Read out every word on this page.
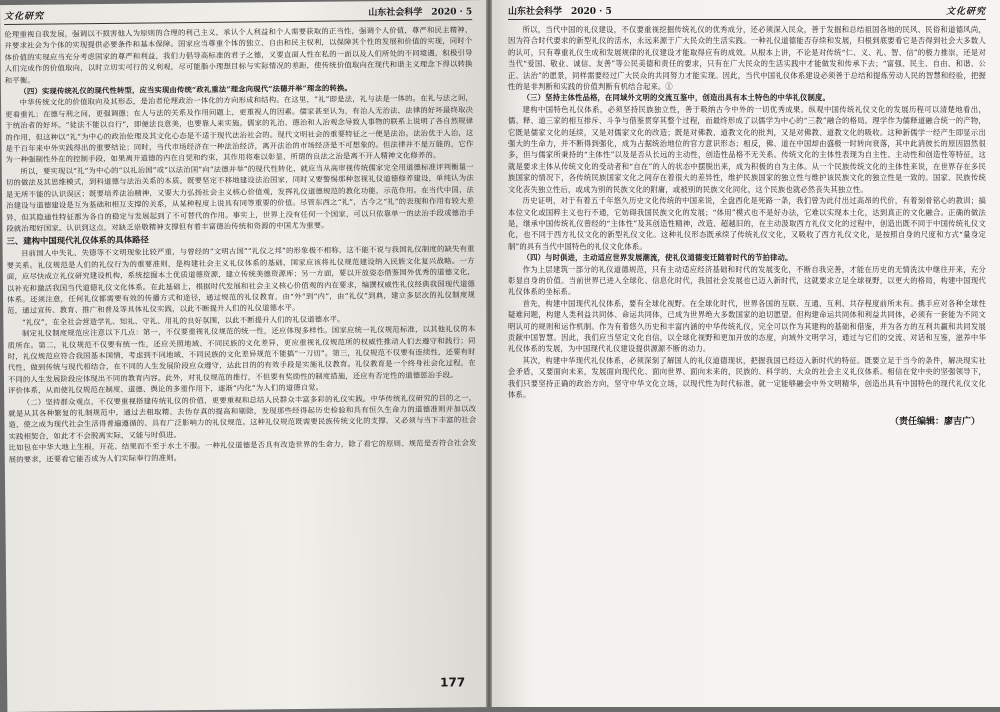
文化研究	山东社会科学　2020 · 5

伦理重视自我发展，强调以不损害他人为原则的合理的利己主义，承认个人利益和个人需要获取的正当性，强调个人价值，尊严和民主精神，并要求社会为个体的实现提供必要条件和基本保障。国家应当尊重个体的独立、自由和民主权利，以保障其个性的发展和价值的实现，同时个体价值的实现应当充分考虑国家的尊严和利益，我们力倡导高标准的君子之德，又要直面人性在私的一面以及人们所处的不同境遇，积极引导人们完成作的价值取向，以时立切实可行的义利观，尽可能脂小理想目标与实际情况的差距，使传统价值取向在现代和谐主义理念下得以转换和平衡。

（四）实现传统礼仪的现代性转型，应当实现由传统“政礼重法”理念向现代“法德并举”理念的转换。

中华传统文化的价值取向及其形态，是治者伦理政治一体化的方向形成和结构。在这里，“礼”即是法，礼与法是一体的。在礼与法之间，更看重礼；在德与刑之间，更强调德；在人与法的关系及作用问题上，更重视人的因素。儒家甚至认为，有治人无治法，法律的好坏最终取决于统治者的好坏。“徒法不能以自行”，即便法良意美，也要靠人来实施。儒家的礼治、德治和人治观念导致人事物的联系上说明了各自然规律的作用，但这种以“礼”为中心的政治伦理及其文化心态是不适于现代法治社会的。现代文明社会的重要特征之一便是法治。法治优于人治，这是千百年来中外实践得出的重要结论；同时，当代市场经济在一种法治经济，离开法治的市场经济是不可想象的。但法律并不是万能的，它作为一种强制性外在的控制手段，如果离开道德的内在自觉和约束，其作用将难以彰显，所谓的良法之治是离不开人精神文化修养的。

所以，要实现以“礼”为中心的“以礼治国”或“以法治国”向“法德并举”的现代性转化，就应当从高审视传统儒家完全用道德标准评判衡量一切的做法及其思维模式，到科道德与法治关系的本质。既要坚定不移地建设法治国家，同时又要警惕那种忽视礼仪道德修养建设，单纯认为法是无所不能的认识误区；既要培养法治精神，又要大力弘扬社会主义核心价值观，发挥礼仪道德规范的教化功能，示范作用。在当代中国，法治建设与道德建设是互为基础和相互支撑的关系，从某种程度上说具有同等重要的价值。尽管东西之“礼”，古今之“礼”的表现和作用有较大差异，但其隐通性特征都为各自的稳定与发展起到了不可替代的作用。事实上，世界上没有任何一个国家，可以只依靠单一的法治手段或德治手段就治理好国家。认识到这点，对缺乏崇敬精神支撑但有着丰富德治传统和资源的中国尤为重要。

三、建构中国现代礼仪体系的具体路径

目前国人中失礼、失德等不文明现象比较严重，与曾经的“文明古国”“礼仪之邦”的形象极不相称，这不能不说与我国礼仪制度的缺失有重要关系。礼仪规范是人们的礼仪行为的重要准则，是构建社会主义礼仪体系的基础，国家应该将礼仪规范建设纳入民族文化复兴战略。一方面，应尽快成立礼仪研究建设机构，系统挖掘本土优质道德资源，建立传统美德资源库；另一方面，要以开放姿态借鉴国外优秀的道德文化，以补充和激活我国当代道德礼仪文化体系。在此基础上，根据时代发展和社会主义核心价值观的内在要求，编撰权威性礼仪经典我国现代道德体系。还须注意，任何礼仪都需要有效的传播方式和途径，通过规范的礼仪教育，由“外”到“内”，由“礼仪”到典，建立多层次的礼仪制度规范，通过宣传、教育、推广和普及等具体礼仪实践，以此不断提升人们的礼仪道德水平。

“礼仪”，在全社会营造学礼、知礼、守礼、用礼的良好氛围，以此不断提升人们的礼仪道德水平。

制定礼仪制度规范应注意以下几点：第一，不仅要重视礼仪规范的统一性，还应体现多样性。国家应统一礼仪规范标准，以其他礼仪的本质所在。第二，礼仪规范不仅要有统一性，还应关照地域、不同民族的文化差异，更应重视礼仪规范所的权威性推动人们去遵守和践行；同时，礼仪规范应符合我国基本国情，考虑到不同地域、不同民族的文化差异规范不能搞“一刀切”。第三，礼仪规范不仅要有连续性，还要有时代性，做到传统与现代相结合，在不同的人生发展阶段应众遵守，达此目的的有效手段是实施礼仪教育。礼仪教育是一个终身社会化过程，在不同的人生发展阶段应体现出不同的教育内容。此外，对礼仪规范的推行，不但要有奖励性的制度措施，还应有否定性的道德惩治手段。

评价体系，从而使礼仪规范在制度、道德、舆论的多重作用下，逐渐“内化”为人们的道德自觉。

（二）坚持群众观点，不仅要重视搭建传统礼仪的价值，更要重视和总结人民群众丰富多彩的礼仪实践。中华传统礼仪研究的目的之一，就是从其各种繁复的礼制规范中，通过去粗取精、去伪存真的提高和剔除，发现那些经得起历史检验和具有恒久生命力的道德准则并加以改造，使之成为现代社会生活得普遍遵循的、具有广泛影响力的礼仪规范。这种礼仪规范既需要民族传统文化的支撑，又必须与当下丰富的社会实践相契合，如此才不会脱离实际，又能与时俱进。

比如包在中华大地上生根，开花、结果而不至于水土不服。一种礼仪道德是否具有改造世界的生命力，除了看它的原则、规范是否符合社会发展的要求，还要看它能否成为人们实际奉行的准则。

177
山东社会科学　2020 · 5	文化研究

所以，当代中国的礼仪建设，不仅要重视挖掘传统礼仪的优秀成分，还必须深入民众，善于发掘和总结祖国各地的民风、民俗和道德风尚，因为符合时代要求的新型礼仪的活水，永远来源于广大民众的生活实践。一种礼仪道德能否存续和发展，归根到底要看它是否得到社会大多数人的认可，只有尊重礼仪生成和发展规律的礼仪建设才能取得应有的成效。从根本上讲，不论是对传统“仁、义、礼、智、信”的极力推崇，还是对当代“爱国、敬业、诚信、友善”等公民美德和责任的要求，只有在广大民众的生活实践中才能做发和传承下去；“富强、民主、自由、和谐、公正、法治”的愿景，同样需要经过广大民众的共同努力才能实现。因此，当代中国礼仪体系建设必须善于总结和提炼劳动人民的智慧和经验，把握性的是非判断和实践的价值判断有机结合起来。①

（三）坚持主体性品格，在同域外文明的交流互鉴中，创造出具有本土特色的中华礼仪制度。

建构中国特色礼仪体系，必须坚持民族独立性，善于吸纳古今中外的一切优秀成果。纵观中国传统礼仪文化的发展历程可以清楚地看出，儒、释、道三家的相互排斥、斗争与借鉴贯穿其整个过程，而最终形成了以儒学为中心的“三教”融合的格局。理学作为儒释道融合统一的产物，它既是儒家文化的延续，又是对儒家文化的改造；既是对佛教、道教文化的批判，又是对佛教、道教文化的吸收。这种新儒学一经产生即显示出强大的生命力，并不断得到强化，成为占据统治地位的官方意识形态；相反，佛、道在中国却由盛极一时转向衰落，其中此消彼长的原因固然很多，但与儒家所秉持的“主体性”以及是否从长远的主动性，创造性品格不无关系。传统文化的主体性表现为自主性、主动性和创造性等特征，这就是要求主体从传统文化的受动者和“自在”的人的状态中摆脱出来，成为积极的自为主体。从一个民族传统文化的主体性来说，在世界存在多民族国家的情况下，各传统民族国家文化之间存在着很大的差异性，维护民族国家的独立性与维护该民族文化的独立性是一致的。国家、民族传统文化丧失独立性后，或成为别的民族文化的附庸，或被别的民族文化同化，这个民族也就必然丧失其独立性。

历史证明，对于有着五千年悠久历史文化传统的中国来说，全盘西化是死路一条，我们曾为此付出过高昂的代价，有着刻骨铭心的教训；搞本位文化或国粹主义也行不通，它妨碍我国民族文化的发展；“体用”模式也不是好办法，它难以实现本土化，达到真正的文化融合。正确的做法是，继承中国传统礼仪曾经的“主体性”及其创造性精神，改造、超越旧的，在主动汲取西方礼仪文化的过程中，创造出既不同于中国传统礼仪文化，也不同于西方礼仪文化的新型礼仪文化。这种礼仪形态既承续了传统礼仪文化，又吸收了西方礼仪文化，是按照自身的尺度和方式“量身定制”的具有当代中国特色的礼仪文化体系。

（四）与时俱进，主动适应世界发展潮流，使礼仪道德变迁随着时代的节拍律动。

作为上层建筑一部分的礼仪道德规范，只有主动适应经济基础和时代的发展变化，不断自我完善，才能在历史的无情洗汰中继往开来，充分彰显自身的价值。当前世界已进入全球化、信息化时代，我国社会发展也已迈入新时代，这就要求立足全球视野，以更大的格局，构建中国现代礼仪体系的坐标系。

首先，构建中国现代礼仪体系，要有全球化视野。在全球化时代，世界各国的互联、互通、互利、共存程度前所未有。携手应对各种全球性疑难问题，构建人类利益共同体、命运共同体，已成为世界绝大多数国家的迫切愿望。但构建命运共同体和利益共同体，必须有一套能为不同文明认可的规则和运作机制。作为有着悠久历史和丰富内涵的中华传统礼仪，完全可以作为其建构的基础和借鉴，并为各方的互利共赢和共同发展贡献中国智慧。因此，我们应当坚定文化自信，以全球化视野和更加开放的态度，向域外文明学习，通过与它们的交流、对话和互鉴，滋养中华礼仪体系的发展，为中国现代礼仪建设提供源源不断的动力。

其次，构建中华现代礼仪体系，必须深刻了解国人的礼仪道德现状，把握我国已经迈入新时代的特征。既要立足于当今的条件，解决现实社会矛盾，又要面向未来，发展面向现代化、面向世界、面向未来的，民族的、科学的、大众的社会主义礼仪体系。相信在党中央的坚强领导下，我们只要坚持正确的政治方向，坚守中华文化立场，以现代性为时代标准，就一定能够融会中外文明精华，创造出具有中国特色的现代礼仪文化体系。

（责任编辑：廖吉广）
